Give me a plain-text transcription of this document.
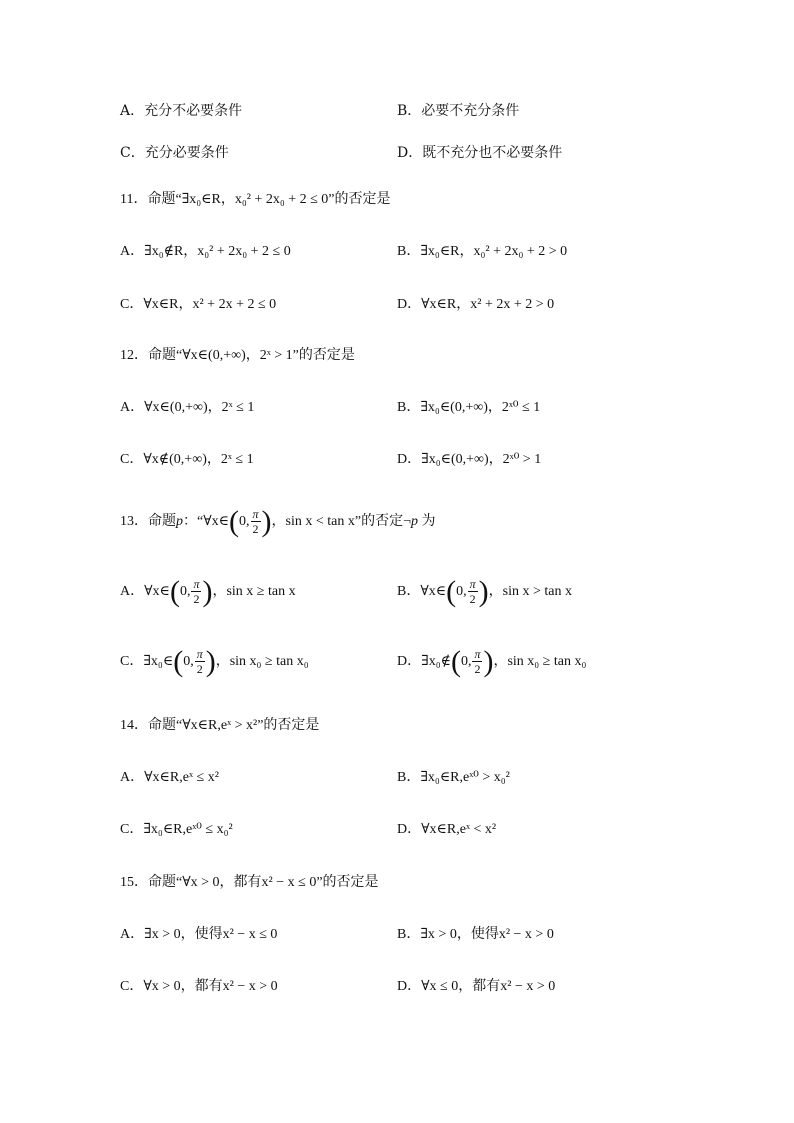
A．充分不必要条件	B．必要不充分条件
C．充分必要条件	D．既不充分也不必要条件
11．命题“∃x₀∈R，x₀² + 2x₀ + 2 ≤ 0”的否定是
A．∃x₀∉R，x₀² + 2x₀ + 2 ≤ 0	B．∃x₀∈R，x₀² + 2x₀ + 2 > 0
C．∀x∈R，x² + 2x + 2 ≤ 0	D．∀x∈R，x² + 2x + 2 > 0
12．命题“∀x∈(0,+∞)，2ˣ > 1”的否定是
A．∀x∈(0,+∞)，2ˣ ≤ 1	B．∃x₀∈(0,+∞)，2ˣ⁰ ≤ 1
C．∀x∉(0,+∞)，2ˣ ≤ 1	D．∃x₀∈(0,+∞)，2ˣ⁰ > 1
13．命题p：“∀x∈(0, $\frac{\pi}{2}$ )，sin x < tan x”的否定¬p 为
A．∀x∈(0, $\frac{\pi}{2}$ )，sin x ≥ tan x	B．∀x∈(0, $\frac{\pi}{2}$ )，sin x > tan x
C．∃x₀∈(0, $\frac{\pi}{2}$ )，sin x₀ ≥ tan x₀	D．∃x₀∉(0, $\frac{\pi}{2}$ )，sin x₀ ≥ tan x₀
14．命题“∀x∈R,eˣ > x²”的否定是
A．∀x∈R,eˣ ≤ x²	B．∃x₀∈R,eˣ⁰ > x₀²
C．∃x₀∈R,eˣ⁰ ≤ x₀²	D．∀x∈R,eˣ < x²
15．命题“∀x > 0，都有x² − x ≤ 0”的否定是
A．∃x > 0，使得x² − x ≤ 0	B．∃x > 0，使得x² − x > 0
C．∀x > 0，都有x² − x > 0	D．∀x ≤ 0，都有x² − x > 0
